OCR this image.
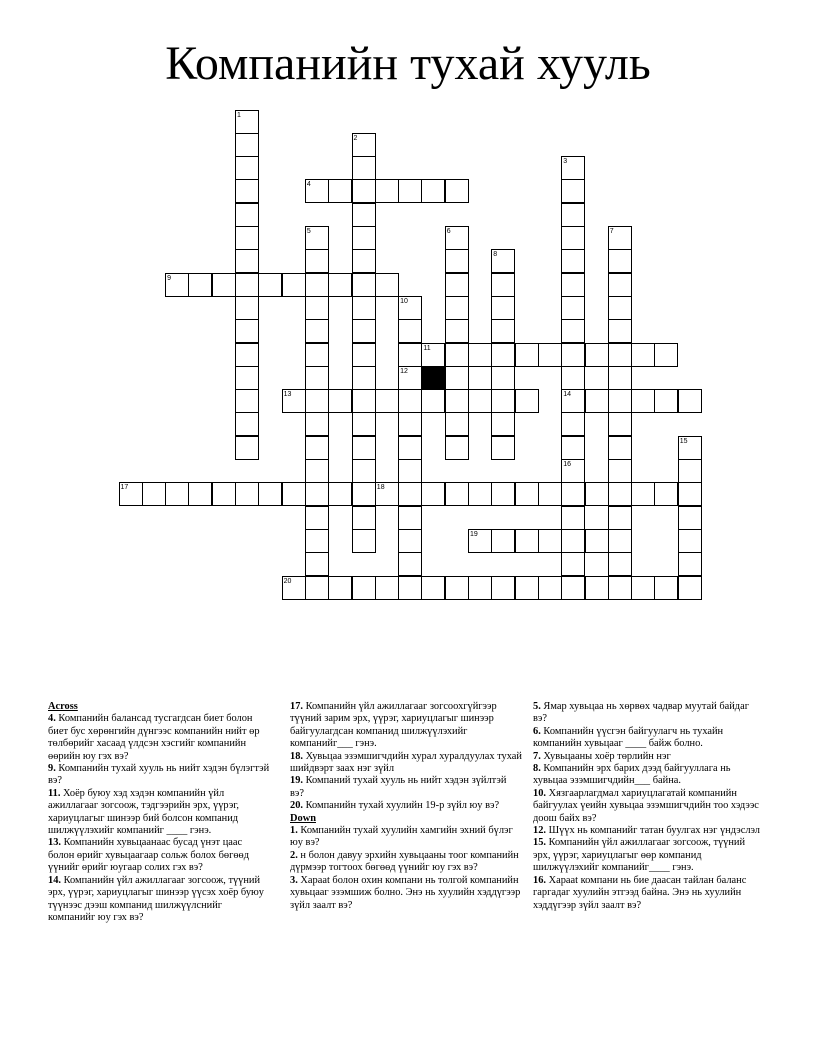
Компанийн тухай хууль
1
2
3
14
16
5	6	7
8
10
12
15
4
9
11
13
17	18
19
20
Across
4. Компанийн балансад тусгагдсан биет болон биет бус хөрөнгийн дүнгээс компанийн нийт өр төлбөрийг хасаад үлдсэн хэсгийг компанийн өөрийн юу гэх вэ?
9. Компанийн тухай хууль нь нийт хэдэн бүлэгтэй вэ?
11. Хоёр буюу хэд хэдэн компанийн үйл ажиллагааг зогсоож, тэдгээрийн эрх, үүрэг, хариуцлагыг шинээр бий болсон компанид шилжүүлэхийг компанийг ____ гэнэ.
13. Компанийн хувьцаанаас бусад үнэт цаас болон өрийг хувьцаагаар сольж болох бөгөөд үүнийг өрийг юугаар солих гэх вэ?
14. Компанийн үйл ажиллагааг зогсоож, түүний эрх, үүрэг, хариуцлагыг шинээр үүсэх хоёр буюу түүнээс дээш компанид шилжүүлснийг компанийг юу гэх вэ?
17. Компанийн үйл ажиллагааг зогсоохгүйгээр түүний зарим эрх, үүрэг, хариуцлагыг шинээр байгуулагдсан компанид шилжүүлэхийг компанийг___ гэнэ.
18. Хувьцаа эзэмшигчдийн хурал хуралдуулах тухай шийдвэрт заах нэг зүйл
19. Компаний тухай хууль нь нийт хэдэн зүйлтэй вэ?
20. Компанийн тухай хуулийн 19-р зүйл юу вэ?
Down
1. Компанийн тухай хуулийн хамгийн эхний бүлэг юу вэ?
2. н болон давуу эрхийн хувьцааны тоог компанийн дүрмээр тогтоох бөгөөд үүнийг юу гэх вэ?
3. Харааt болон охин компани нь толгой компанийн хувьцааг эзэмшиж болно. Энэ нь хуулийн хэддүгээр зүйл заалт вэ?
5. Ямар хувьцаа нь хөрвөх чадвар муутай байдаг вэ?
6. Компанийн үүсгэн байгуулагч нь тухайн компанийн хувьцааг ____ байж болно.
7. Хувьцааны хоёр төрлийн нэг
8. Компанийн эрх барих дээд байгууллага нь хувьцаа эзэмшигчдийн___ байна.
10. Хязгаарлагдмал хариуцлагатай компанийн байгуулах үеийн хувьцаа эзэмшигчдийн тоо хэдээс доош байх вэ?
12. Шүүх нь компанийг татан буулгах нэг үндэслэл
15. Компанийн үйл ажиллагааг зогсоож, түүний эрх, үүрэг, хариуцлагыг өөр компанид шилжүүлэхийг компанийг____ гэнэ.
16. Харааt компани нь бие даасан тайлан баланс гаргадаг хуулийн этгээд байна. Энэ нь хуулийн хэддүгээр зүйл заалт вэ?
